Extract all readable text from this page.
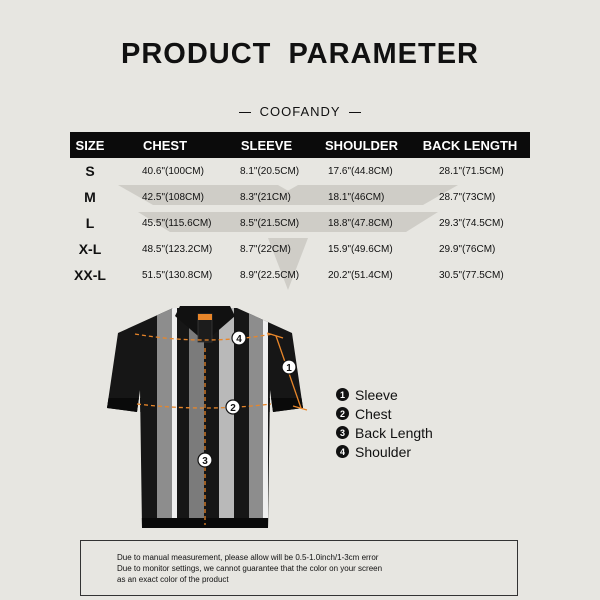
PRODUCT PARAMETER
COOFANDY
SIZE	CHEST	SLEEVE	SHOULDER	BACK LENGTH
S	40.6"(100CM)	8.1"(20.5CM)	17.6"(44.8CM)	28.1"(71.5CM)
M	42.5"(108CM)	8.3"(21CM)	18.1"(46CM)	28.7"(73CM)
L	45.5"(115.6CM)	8.5"(21.5CM)	18.8"(47.8CM)	29.3"(74.5CM)
X-L	48.5"(123.2CM)	8.7"(22CM)	15.9"(49.6CM)	29.9"(76CM)
XX-L	51.5"(130.8CM)	8.9"(22.5CM)	20.2"(51.4CM)	30.5"(77.5CM)
4
1
2
3
1 Sleeve
2 Chest
3 Back Length
4 Shoulder
Due to manual measurement, please allow will be 0.5-1.0inch/1-3cm error
Due to monitor settings, we cannot guarantee that the color on your screen
as an exact color of the product
